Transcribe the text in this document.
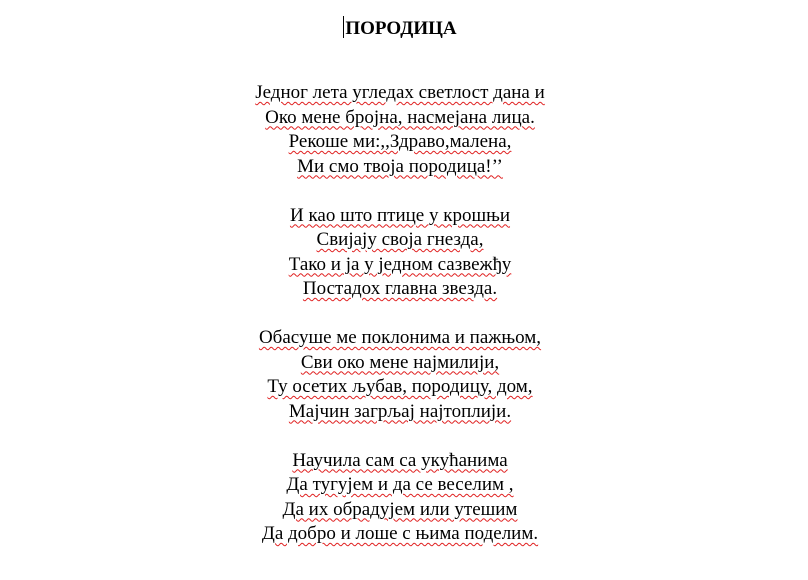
ПОРОДИЦА
Једног лета угледах светлост дана и
Око мене бројна, насмејана лица.
Рекоше ми:,,Здраво,малена,
Ми смо твоја породица!’’
И као што птице у крошњи
Свијају своја гнезда,
Тако и ја у једном сазвежђу
Постадох главна звезда.
Обасуше ме поклонима и пажњом,
Сви око мене најмилији,
Ту осетих љубав, породицу, дом,
Мајчин загрљај најтоплији.
Научила сам са укућанима
Да тугујем и да се веселим ,
Да их обрадујем или утешим
Да добро и лоше с њима поделим.
